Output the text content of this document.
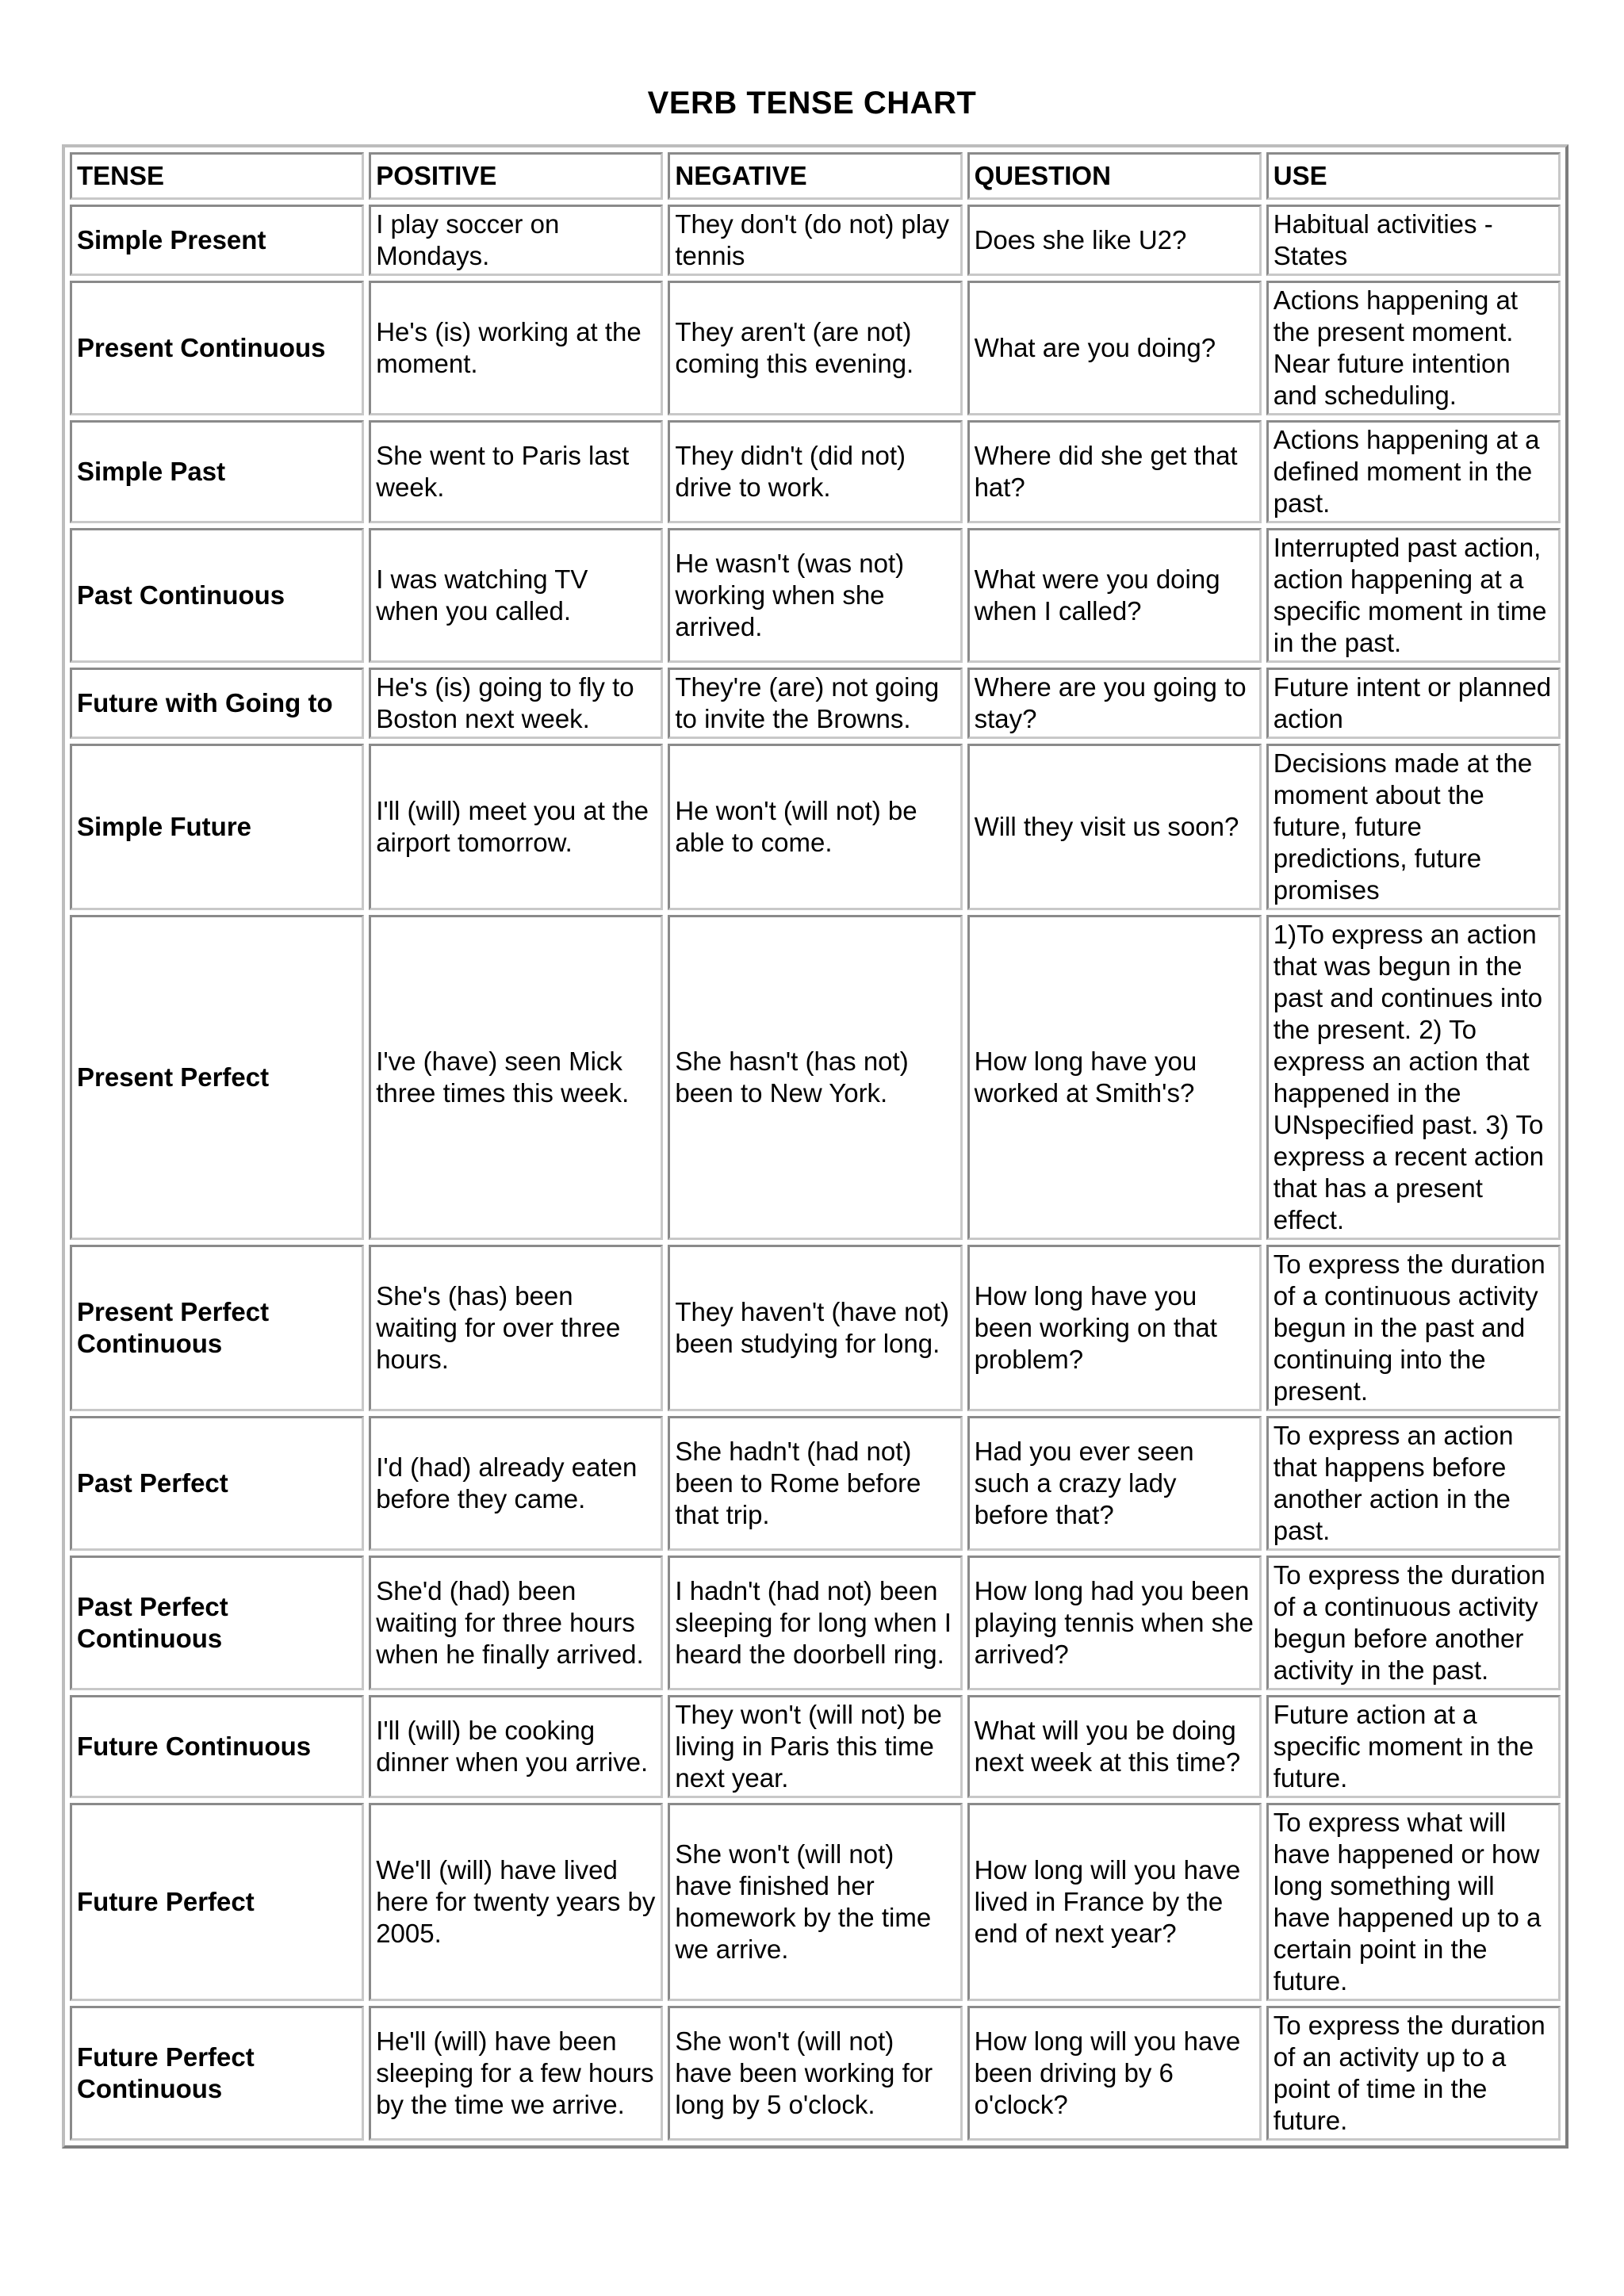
VERB TENSE CHART
TENSE	POSITIVE	NEGATIVE	QUESTION	USE
Simple Present	I play soccer on Mondays.	They don't (do not) play tennis	Does she like U2?	Habitual activities - States
Present Continuous	He's (is) working at the moment.	They aren't (are not) coming this evening.	What are you doing?	Actions happening at the present moment. Near future intention and scheduling.
Simple Past	She went to Paris last week.	They didn't (did not) drive to work.	Where did she get that hat?	Actions happening at a defined moment in the past.
Past Continuous	I was watching TV when you called.	He wasn't (was not) working when she arrived.	What were you doing when I called?	Interrupted past action, action happening at a specific moment in time in the past.
Future with Going to	He's (is) going to fly to Boston next week.	They're (are) not going to invite the Browns.	Where are you going to stay?	Future intent or planned action
Simple Future	I'll (will) meet you at the airport tomorrow.	He won't (will not) be able to come.	Will they visit us soon?	Decisions made at the moment about the future, future predictions, future promises
Present Perfect	I've (have) seen Mick three times this week.	She hasn't (has not) been to New York.	How long have you worked at Smith's?	1)To express an action that was begun in the past and continues into the present. 2) To express an action that happened in the UNspecified past. 3) To express a recent action that has a present effect.
Present Perfect Continuous	She's (has) been waiting for over three hours.	They haven't (have not) been studying for long.	How long have you been working on that problem?	To express the duration of a continuous activity begun in the past and continuing into the present.
Past Perfect	I'd (had) already eaten before they came.	She hadn't (had not) been to Rome before that trip.	Had you ever seen such a crazy lady before that?	To express an action that happens before another action in the past.
Past Perfect Continuous	She'd (had) been waiting for three hours when he finally arrived.	I hadn't (had not) been sleeping for long when I heard the doorbell ring.	How long had you been playing tennis when she arrived?	To express the duration of a continuous activity begun before another activity in the past.
Future Continuous	I'll (will) be cooking dinner when you arrive.	They won't (will not) be living in Paris this time next year.	What will you be doing next week at this time?	Future action at a specific moment in the future.
Future Perfect	We'll (will) have lived here for twenty years by 2005.	She won't (will not) have finished her homework by the time we arrive.	How long will you have lived in France by the end of next year?	To express what will have happened or how long something will have happened up to a certain point in the future.
Future Perfect Continuous	He'll (will) have been sleeping for a few hours by the time we arrive.	She won't (will not) have been working for long by 5 o'clock.	How long will you have been driving by 6 o'clock?	To express the duration of an activity up to a point of time in the future.
